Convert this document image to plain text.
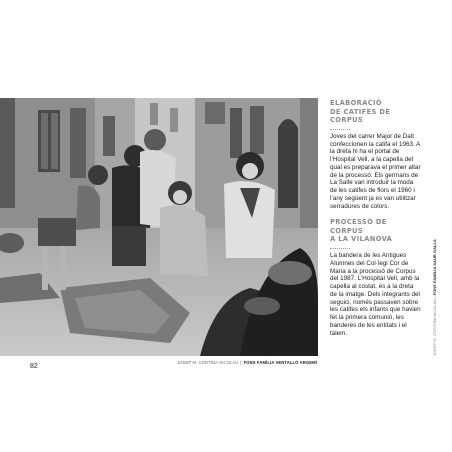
JOSEP M. CORTINA NICOLAU | FONS FAMÍLIA VENTALLÓ ARGEMÍ
82
ELABORACIÓ
DE CATIFES DE CORPUS

Joves del carrer Major de Dalt confeccionen la catifa el 1963. A la dreta hi ha el portal de l’Hospital Vell, a la capella del qual es preparava el primer altar de la processó. Els germans de La Salle van introduir la moda de les catifes de flors el 1960 i l’any següent ja es van utilitzar serradures de colors.

PROCESSÓ DE CORPUS
A LA VILANOVA

La bandera de les Antigues Alumnes del Col·legi Cor de Maria a la processó de Corpus del 1987. L’Hospital Vell, amb la capella al costat, és a la dreta de la imatge. Dels integrants del seguici, només passaven sobre les catifes els infants que havien fet la primera comunió, les banderes de les entitats i el tàlem.	JOSEP M. CORTINA NICOLAU | FONS FAMÍLIA SAUR GALLA
